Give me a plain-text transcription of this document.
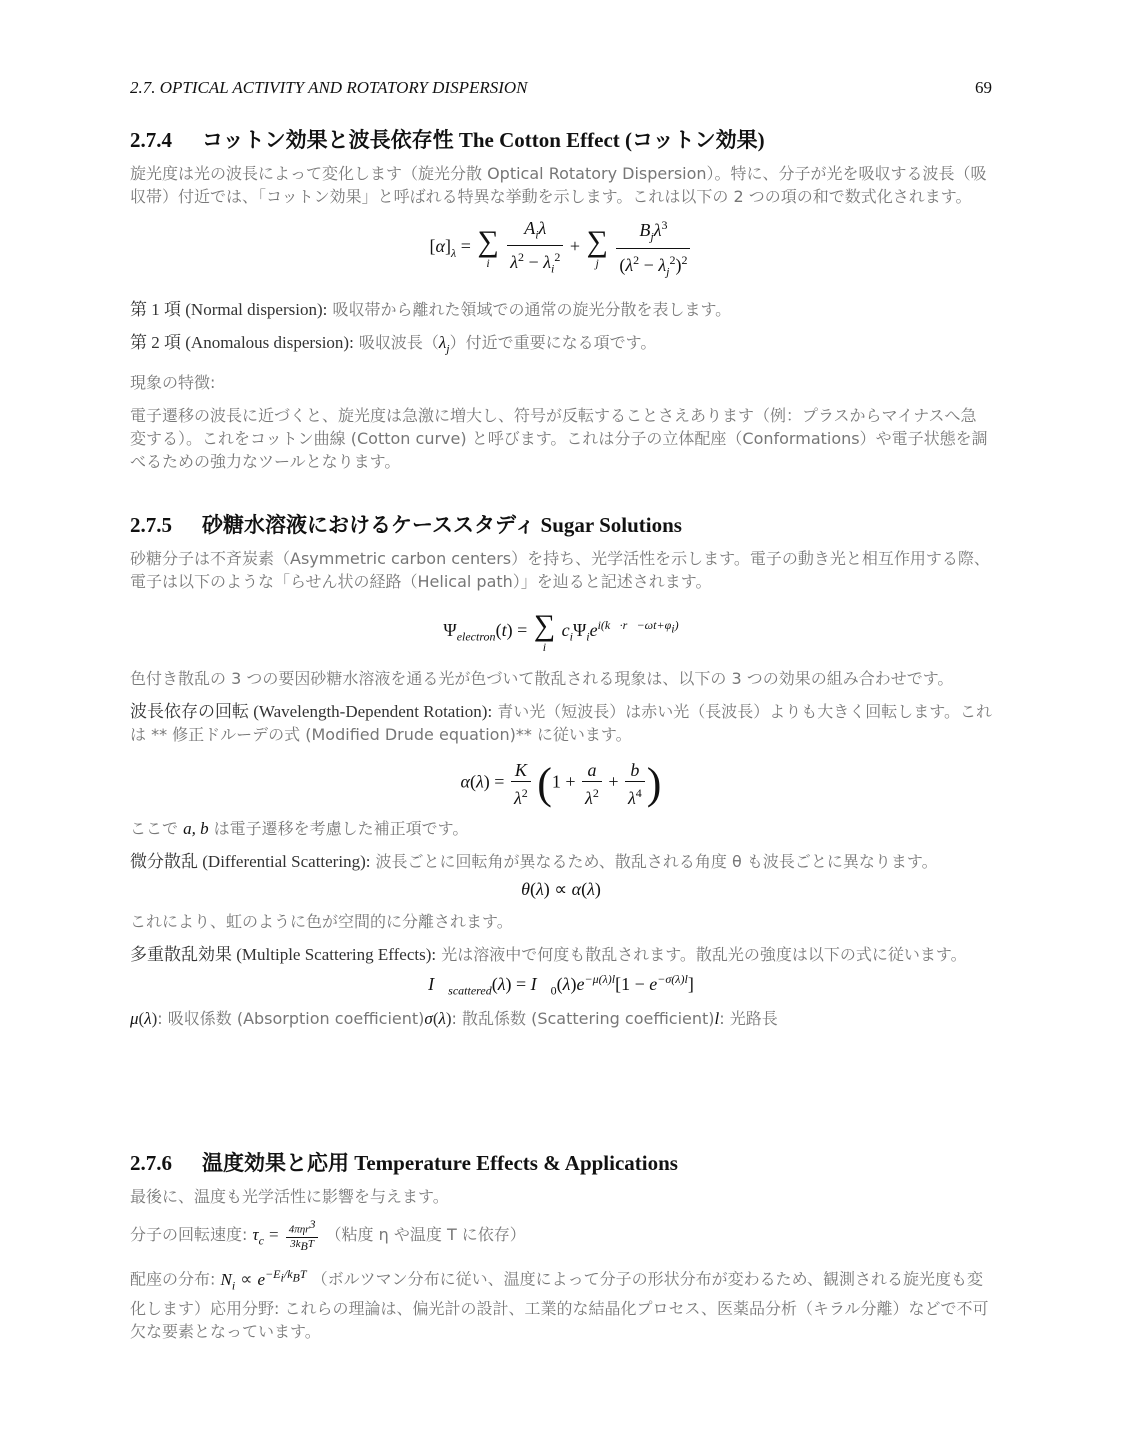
2.7. OPTICAL ACTIVITY AND ROTATORY DISPERSION	69
2.7.4 コットン効果と波長依存性 The Cotton Effect (コットン効果)

旋光度は光の波長によって変化します（旋光分散 Optical Rotatory Dispersion）。特に、分子が光を吸収する波長（吸収帯）付近では、「コットン効果」と呼ばれる特異な挙動を示します。これは以下の 2 つの項の和で数式化されます。

$[\alpha]_\lambda$ = ∑
i
$\frac{A_i\lambda}{\lambda^2 - \lambda_i^2}$ + ∑
j
$\frac{B_j\lambda^3}{(\lambda^2 - \lambda_j^2)^2}$

第 1 項 (Normal dispersion): 吸収帯から離れた領域での通常の旋光分散を表します。

第 2 項 (Anomalous dispersion): 吸収波長$(\lambda_j)$付近で重要になる項です。

現象の特徴:

電子遷移の波長に近づくと、旋光度は急激に増大し、符号が反転することさえあります（例：プラスからマイナスへ急変する）。これをコットン曲線 (Cotton curve) と呼びます。これは分子の立体配座（Conformations）や電子状態を調べるための強力なツールとなります。

2.7.5 砂糖水溶液におけるケーススタディ Sugar Solutions

砂糖分子は不斉炭素（Asymmetric carbon centers）を持ち、光学活性を示します。電子の動き光と相互作用する際、電子は以下のような「らせん状の経路（Helical path）」を辿ると記述されます。

$\Psi_{electron}(t)$ = ∑
i
$c_i\Psi_ie^{i(k⃗\cdot r⃗-\omega t+\varphi_i)}$

色付き散乱の 3 つの要因砂糖水溶液を通る光が色づいて散乱される現象は、以下の 3 つの効果の組み合わせです。

波長依存の回転 (Wavelength-Dependent Rotation): 青い光（短波長）は赤い光（長波長）よりも大きく回転します。これは ** 修正ドルーデの式 (Modified Drude equation)** に従います。

$\alpha(\lambda) = \frac{K}{\lambda^2} (1 + \frac{a}{\lambda^2} + \frac{b}{\lambda^4}$ )

ここで a, b は電子遷移を考慮した補正項です。

微分散乱 (Differential Scattering): 波長ごとに回転角が異なるため、散乱される角度 θ も波長ごとに異なります。

θ(λ) ∝ α(λ)

これにより、虹のように色が空間的に分離されます。

多重散乱効果 (Multiple Scattering Effects): 光は溶液中で何度も散乱されます。散乱光の強度は以下の式に従います。

$I⃗_{scattered}(\lambda)$ = $I⃗_0(\lambda)e^{-\mu(\lambda)l}[1 - e^{-\sigma(\lambda)l}]$

μ(λ): 吸収係数 (Absorption coefficient)σ(λ): 散乱係数 (Scattering coefficient)l: 光路長

2.7.6 温度効果と応用 Temperature Effects & Applications

最後に、温度も光学活性に影響を与えます。

分子の回転速度: $\tau_c = \frac{4\pi\eta r^3}{3k_BT}$ （粘度 η や温度 T に依存）

配座の分布: $N_i \propto e^{-E_i/k_BT}$ （ボルツマン分布に従い、温度によって分子の形状分布が変わるため、観測される旋光度も変化します）応用分野: これらの理論は、偏光計の設計、工業的な結晶化プロセス、医薬品分析（キラル分離）などで不可欠な要素となっています。
